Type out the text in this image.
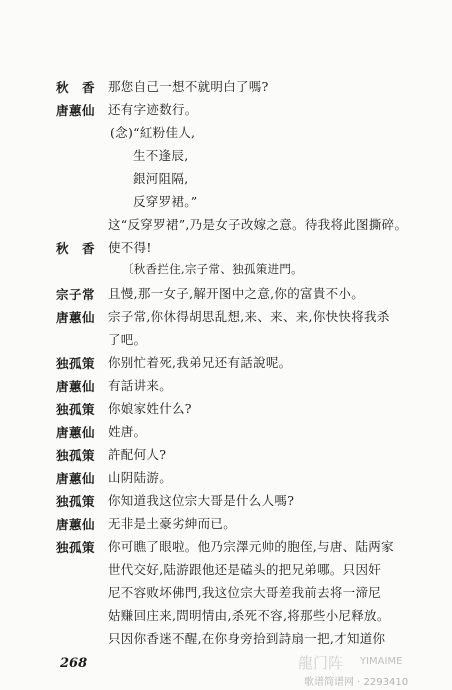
秋　香 那您自己一想不就明白了嗎?
唐蕙仙 还有字迹数行。
(念)“紅粉佳人,
生不逢辰,
銀河阻隔,
反穿罗裙。”
这“反穿罗裙”,乃是女子改嫁之意。待我将此图撕碎。
秋　香 使不得!
〔秋香拦住,宗子常、独孤策进門。
宗子常 且慢,那一女子,解开图中之意,你的富貴不小。
唐蕙仙 宗子常,你休得胡思乱想,来、来、来,你快快将我杀
了吧。
独孤策 你别忙着死,我弟兄还有話說呢。
唐蕙仙 有話讲来。
独孤策 你娘家姓什么?
唐蕙仙 姓唐。
独孤策 許配何人?
唐蕙仙 山阴陆游。
独孤策 你知道我这位宗大哥是什么人嗎?
唐蕙仙 无非是土豪劣紳而已。
独孤策 你可瞧了眼啦。他乃宗澤元帅的胞侄,与唐、陆两家
世代交好,陆游跟他还是磕头的把兄弟哪。只因奸
尼不容败坏佛門,我这位宗大哥差我前去将一渧尼
姑赚回庄来,問明情由,杀死不容,将那些小尼释放。
只因你香迷不醒,在你身旁拾到詩扇一把,才知道你
268	龍门阵 YIMAIME
歌谱简谱网 · 2293410
